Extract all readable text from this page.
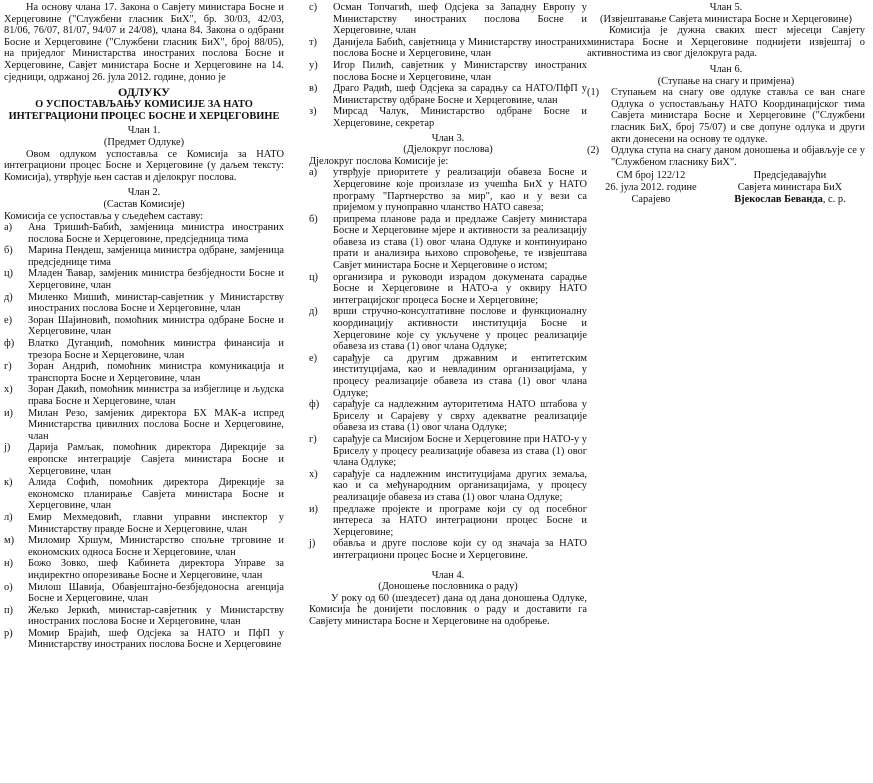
На основу члана 17. Закона о Савјету министара Босне и Херцеговине ("Службени гласник БиХ", бр. 30/03, 42/03, 81/06, 76/07, 81/07, 94/07 и 24/08), члана 84. Закона о одбрани Босне и Херцеговине ("Службени гласник БиХ", број 88/05), на приједлог Министарства иностраних послова Босне и Херцеговине, Савјет министара Босне и Херцеговине на 14. сједници, одржаној 26. јула 2012. године, донио је

ОДЛУКУ
О УСПОСТАВЉАЊУ КОМИСИЈЕ ЗА НАТО ИНТЕГРАЦИОНИ ПРОЦЕС БОСНЕ И ХЕРЦЕГОВИНЕ
Члан 1.
(Предмет Одлуке)

Овом одлуком успоставља се Комисија за НАТО интеграциони процес Босне и Херцеговине (у даљем тексту: Комисија), утврђује њен састав и дјелокруг послова.

Члан 2.
(Састав Комисије)

Комисија се успоставља у сљедећем саставу:

а)	Ана Тришић-Бабић, замјеница министра иностраних послова Босне и Херцеговине, предсједница тима
б)	Марина Пендеш, замјеница министра одбране, замјеница предсједнице тима
ц)	Младен Ћавар, замјеник министра безбједности Босне и Херцеговине, члан
д)	Миленко Мишић, министар-савјетник у Министарству иностраних послова Босне и Херцеговине, члан
е)	Зоран Шајиновић, помоћник министра одбране Босне и Херцеговине, члан
ф)	Влатко Дуганџић, помоћник министра финансија и трезора Босне и Херцеговине, члан
г)	Зоран Андрић, помоћник министра комуникација и транспорта Босне и Херцеговине, члан
х)	Зоран Дакић, помоћник министра за избјеглице и људска права Босне и Херцеговине, члан
и)	Милан Резо, замјеник директора БХ МАК-а испред Министарства цивилних послова Босне и Херцеговине, члан
ј)	Дарија Рамљак, помоћник директора Дирекције за европске интеграције Савјета министара Босне и Херцеговине, члан
к)	Алида Софић, помоћник директора Дирекције за економско планирање Савјета министара Босне и Херцеговине, члан
л)	Емир Мехмедовић, главни управни инспектор у Министарству правде Босне и Херцеговине, члан
м)	Миломир Хршум, Министарство спољне трговине и економских односа Босне и Херцеговине, члан
н)	Божо Зовко, шеф Кабинета директора Управе за индиректно опорезивање Босне и Херцеговине, члан
о)	Милош Шавија, Обавјештајно-безбједоносна агенција Босне и Херцеговине, члан
п)	Жељко Јеркић, министар-савјетник у Министарству иностраних послова Босне и Херцеговине, члан
р)	Момир Брајић, шеф Одсјека за НАТО и ПфП у Министарству иностраних послова Босне и Херцеговине
с)	Осман Топчагић, шеф Одсјека за Западну Европу у Министарству иностраних послова Босне и Херцеговине, члан
т)	Данијела Бабић, савјетница у Министарству иностраних послова Босне и Херцеговине, члан
у)	Игор Пилић, савјетник у Министарству иностраних послова Босне и Херцеговине, члан
в)	Драго Радић, шеф Одсјека за сарадњу са НАТО/ПфП у Министарству одбране Босне и Херцеговине, члан
з)	Мирсад Чалук, Министарство одбране Босне и Херцеговине, секретар
Члан 3.
(Дјелокруг послова)

Дјелокруг послова Комисије је:

а)	утврђује приоритете у реализацији обавеза Босне и Херцеговине које произлазе из учешћа БиХ у НАТО програму "Партнерство за мир", као и у вези са пријемом у пуноправно чланство НАТО савеза;
б)	припрема планове рада и предлаже Савјету министара Босне и Херцеговине мјере и активности за реализацију обавеза из става (1) овог члана Одлуке и континуирано прати и анализира њихово спровођење, те извјештава Савјет министара Босне и Херцеговине о истом;
ц)	организира и руководи израдом докумената сарадње Босне и Херцеговине и НАТО-а у оквиру НАТО интеграцијског процеса Босне и Херцеговине;
д)	врши стручно-консултативне послове и функционалну координацију активности институција Босне и Херцеговине које су укључене у процес реализације обавеза из става (1) овог члана Одлуке;
е)	сарађује са другим државним и ентитетским институцијама, као и невладиним организацијама, у процесу реализације обавеза из става (1) овог члана Одлуке;
ф)	сарађује са надлежним ауторитетима НАТО штабова у Бриселу и Сарајеву у сврху адекватне реализације обавеза из става (1) овог члана Одлуке;
г)	сарађује са Мисијом Босне и Херцеговине при НАТО-у у Бриселу у процесу реализације обавеза из става (1) овог члана Одлуке;
х)	сарађује са надлежним институцијама других земаља, као и са међународним организацијама, у процесу реализације обавеза из става (1) овог члана Одлуке;
и)	предлаже пројекте и програме који су од посебног интереса за НАТО интеграциони процес Босне и Херцеговине;
ј)	обавља и друге послове који су од значаја за НАТО интеграциони процес Босне и Херцеговине.
Члан 4.
(Доношење пословника о раду)

У року од 60 (шездесет) дана од дана доношења Одлуке, Комисија ће донијети пословник о раду и доставити га Савјету министара Босне и Херцеговине на одобрење.

Члан 5.
(Извјештавање Савјета министара Босне и Херцеговине)

Комисија је дужна сваких шест мјесеци Савјету министара Босне и Херцеговине поднијети извјештај о активностима из свог дјелокруга рада.

Члан 6.
(Ступање на снагу и примјена)
(1)	Ступањем на снагу ове одлуке ставља се ван снаге Одлука о успостављању НАТО Координацијског тима Савјета министара Босне и Херцеговине ("Службени гласник БиХ, број 75/07) и све допуне одлука и други акти донесени на основу те одлуке.
(2)	Одлука ступа на снагу даном доношења и објављује се у "Службеном гласнику БиХ".
СМ број 122/12
26. јула 2012. године
Сарајево
Предсједавајући
Савјета министара БиХ
Вјекослав Беванда, с. р.
